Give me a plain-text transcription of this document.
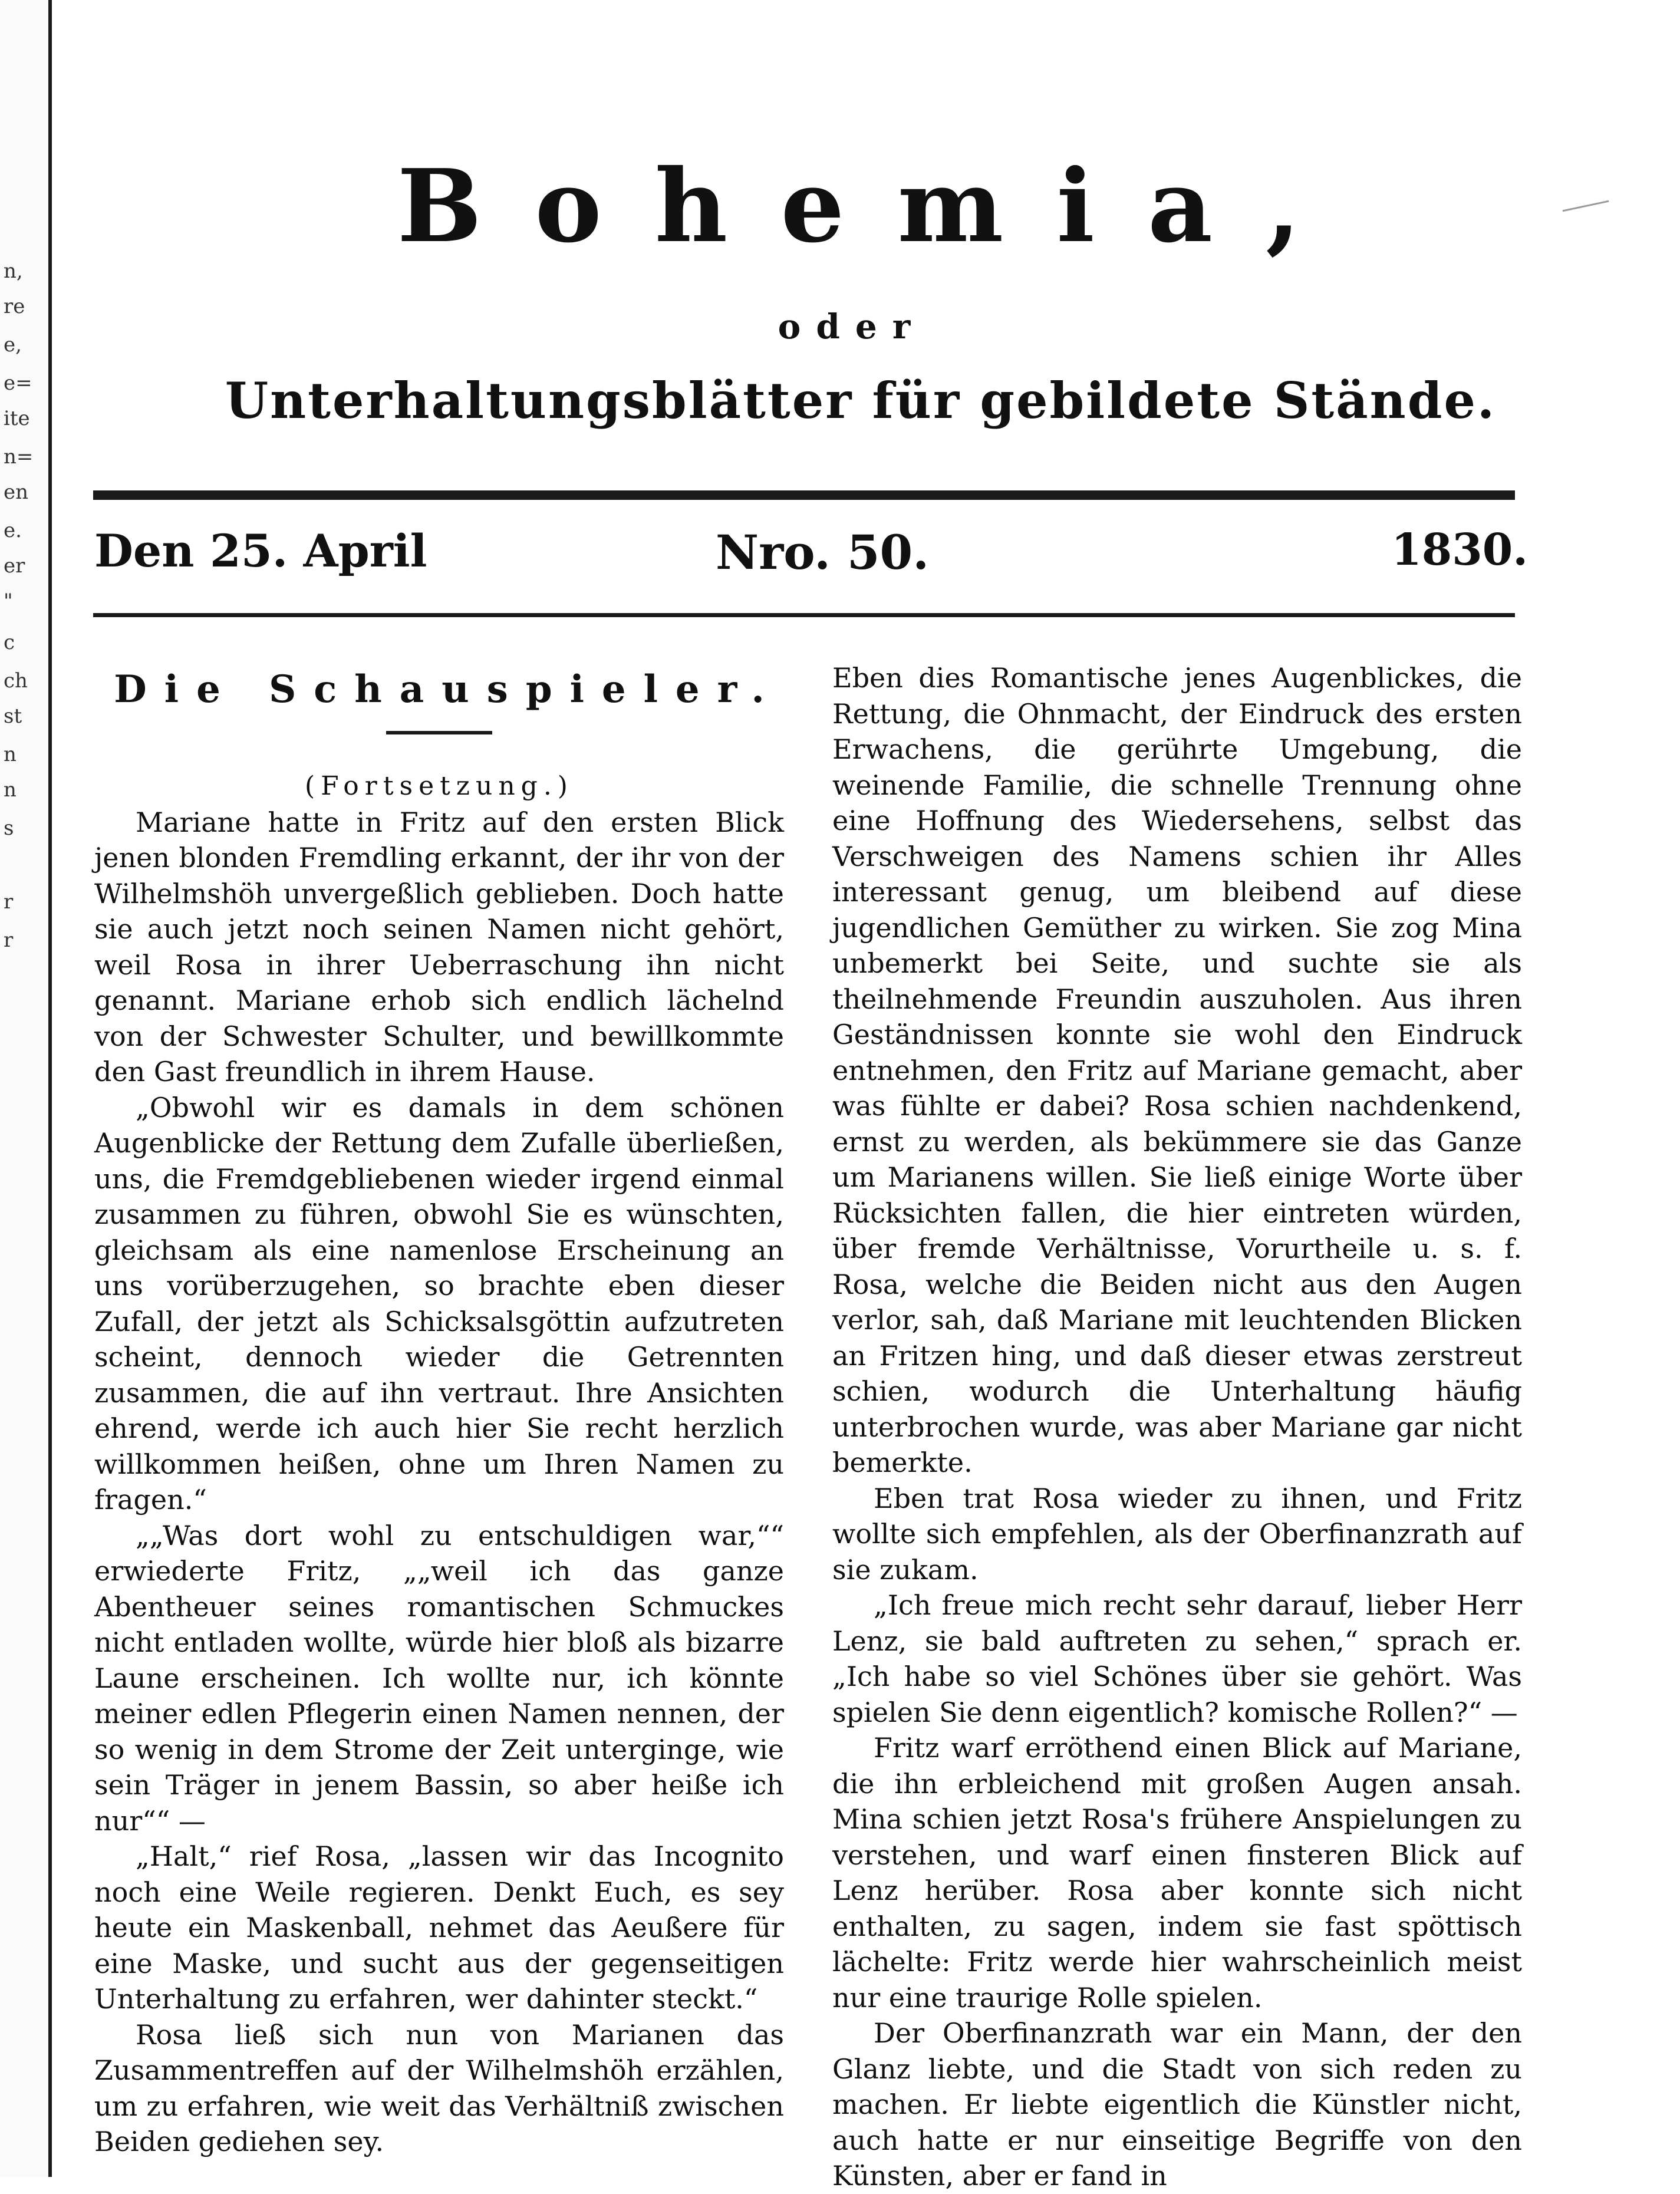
n,
re
e,
e=
ite
n=
en
e.
er
"
c
ch
st
n
n
s
r
r
Bohemia,
oder
Unterhaltungsblätter für gebildete Stände.
Den 25. April	Nro. 50.	1830.
Die Schauspieler.

(Fortsetzung.)

Mariane hatte in Fritz auf den ersten Blick jenen blonden Fremdling erkannt, der ihr von der Wilhelmshöh unvergeßlich geblieben. Doch hatte sie auch jetzt noch seinen Namen nicht gehört, weil Rosa in ihrer Ueberraschung ihn nicht genannt. Mariane erhob sich endlich lächelnd von der Schwester Schulter, und bewillkommte den Gast freundlich in ihrem Hause.

„Obwohl wir es damals in dem schönen Augenblicke der Rettung dem Zufalle überließen, uns, die Fremdgebliebenen wieder irgend einmal zusammen zu führen, obwohl Sie es wünschten, gleichsam als eine namenlose Erscheinung an uns vorüberzugehen, so brachte eben dieser Zufall, der jetzt als Schicksalsgöttin aufzutreten scheint, dennoch wieder die Getrennten zusammen, die auf ihn vertraut. Ihre Ansichten ehrend, werde ich auch hier Sie recht herzlich willkommen heißen, ohne um Ihren Namen zu fragen.“

„„Was dort wohl zu entschuldigen war,““ erwiederte Fritz, „„weil ich das ganze Abentheuer seines romantischen Schmuckes nicht entladen wollte, würde hier bloß als bizarre Laune erscheinen. Ich wollte nur, ich könnte meiner edlen Pflegerin einen Namen nennen, der so wenig in dem Strome der Zeit unterginge, wie sein Träger in jenem Bassin, so aber heiße ich nur““ —

„Halt,“ rief Rosa, „lassen wir das Incognito noch eine Weile regieren. Denkt Euch, es sey heute ein Maskenball, nehmet das Aeußere für eine Maske, und sucht aus der gegenseitigen Unterhaltung zu erfahren, wer dahinter steckt.“

Rosa ließ sich nun von Marianen das Zusammentreffen auf der Wilhelmshöh erzählen, um zu erfahren, wie weit das Verhältniß zwischen Beiden gediehen sey.

Eben dies Romantische jenes Augenblickes, die Rettung, die Ohnmacht, der Eindruck des ersten Erwachens, die gerührte Umgebung, die weinende Familie, die schnelle Trennung ohne eine Hoffnung des Wiedersehens, selbst das Verschweigen des Namens schien ihr Alles interessant genug, um bleibend auf diese jugendlichen Gemüther zu wirken. Sie zog Mina unbemerkt bei Seite, und suchte sie als theilnehmende Freundin auszuholen. Aus ihren Geständnissen konnte sie wohl den Eindruck entnehmen, den Fritz auf Mariane gemacht, aber was fühlte er dabei? Rosa schien nachdenkend, ernst zu werden, als bekümmere sie das Ganze um Marianens willen. Sie ließ einige Worte über Rücksichten fallen, die hier eintreten würden, über fremde Verhältnisse, Vorurtheile u. s. f. Rosa, welche die Beiden nicht aus den Augen verlor, sah, daß Mariane mit leuchtenden Blicken an Fritzen hing, und daß dieser etwas zerstreut schien, wodurch die Unterhaltung häufig unterbrochen wurde, was aber Mariane gar nicht bemerkte.

Eben trat Rosa wieder zu ihnen, und Fritz wollte sich empfehlen, als der Oberfinanzrath auf sie zukam.

„Ich freue mich recht sehr darauf, lieber Herr Lenz, sie bald auftreten zu sehen,“ sprach er. „Ich habe so viel Schönes über sie gehört. Was spielen Sie denn eigentlich? komische Rollen?“ —

Fritz warf erröthend einen Blick auf Mariane, die ihn erbleichend mit großen Augen ansah. Mina schien jetzt Rosa's frühere Anspielungen zu verstehen, und warf einen finsteren Blick auf Lenz herüber. Rosa aber konnte sich nicht enthalten, zu sagen, indem sie fast spöttisch lächelte: Fritz werde hier wahrscheinlich meist nur eine traurige Rolle spielen.

Der Oberfinanzrath war ein Mann, der den Glanz liebte, und die Stadt von sich reden zu machen. Er liebte eigentlich die Künstler nicht, auch hatte er nur einseitige Begriffe von den Künsten, aber er fand in
